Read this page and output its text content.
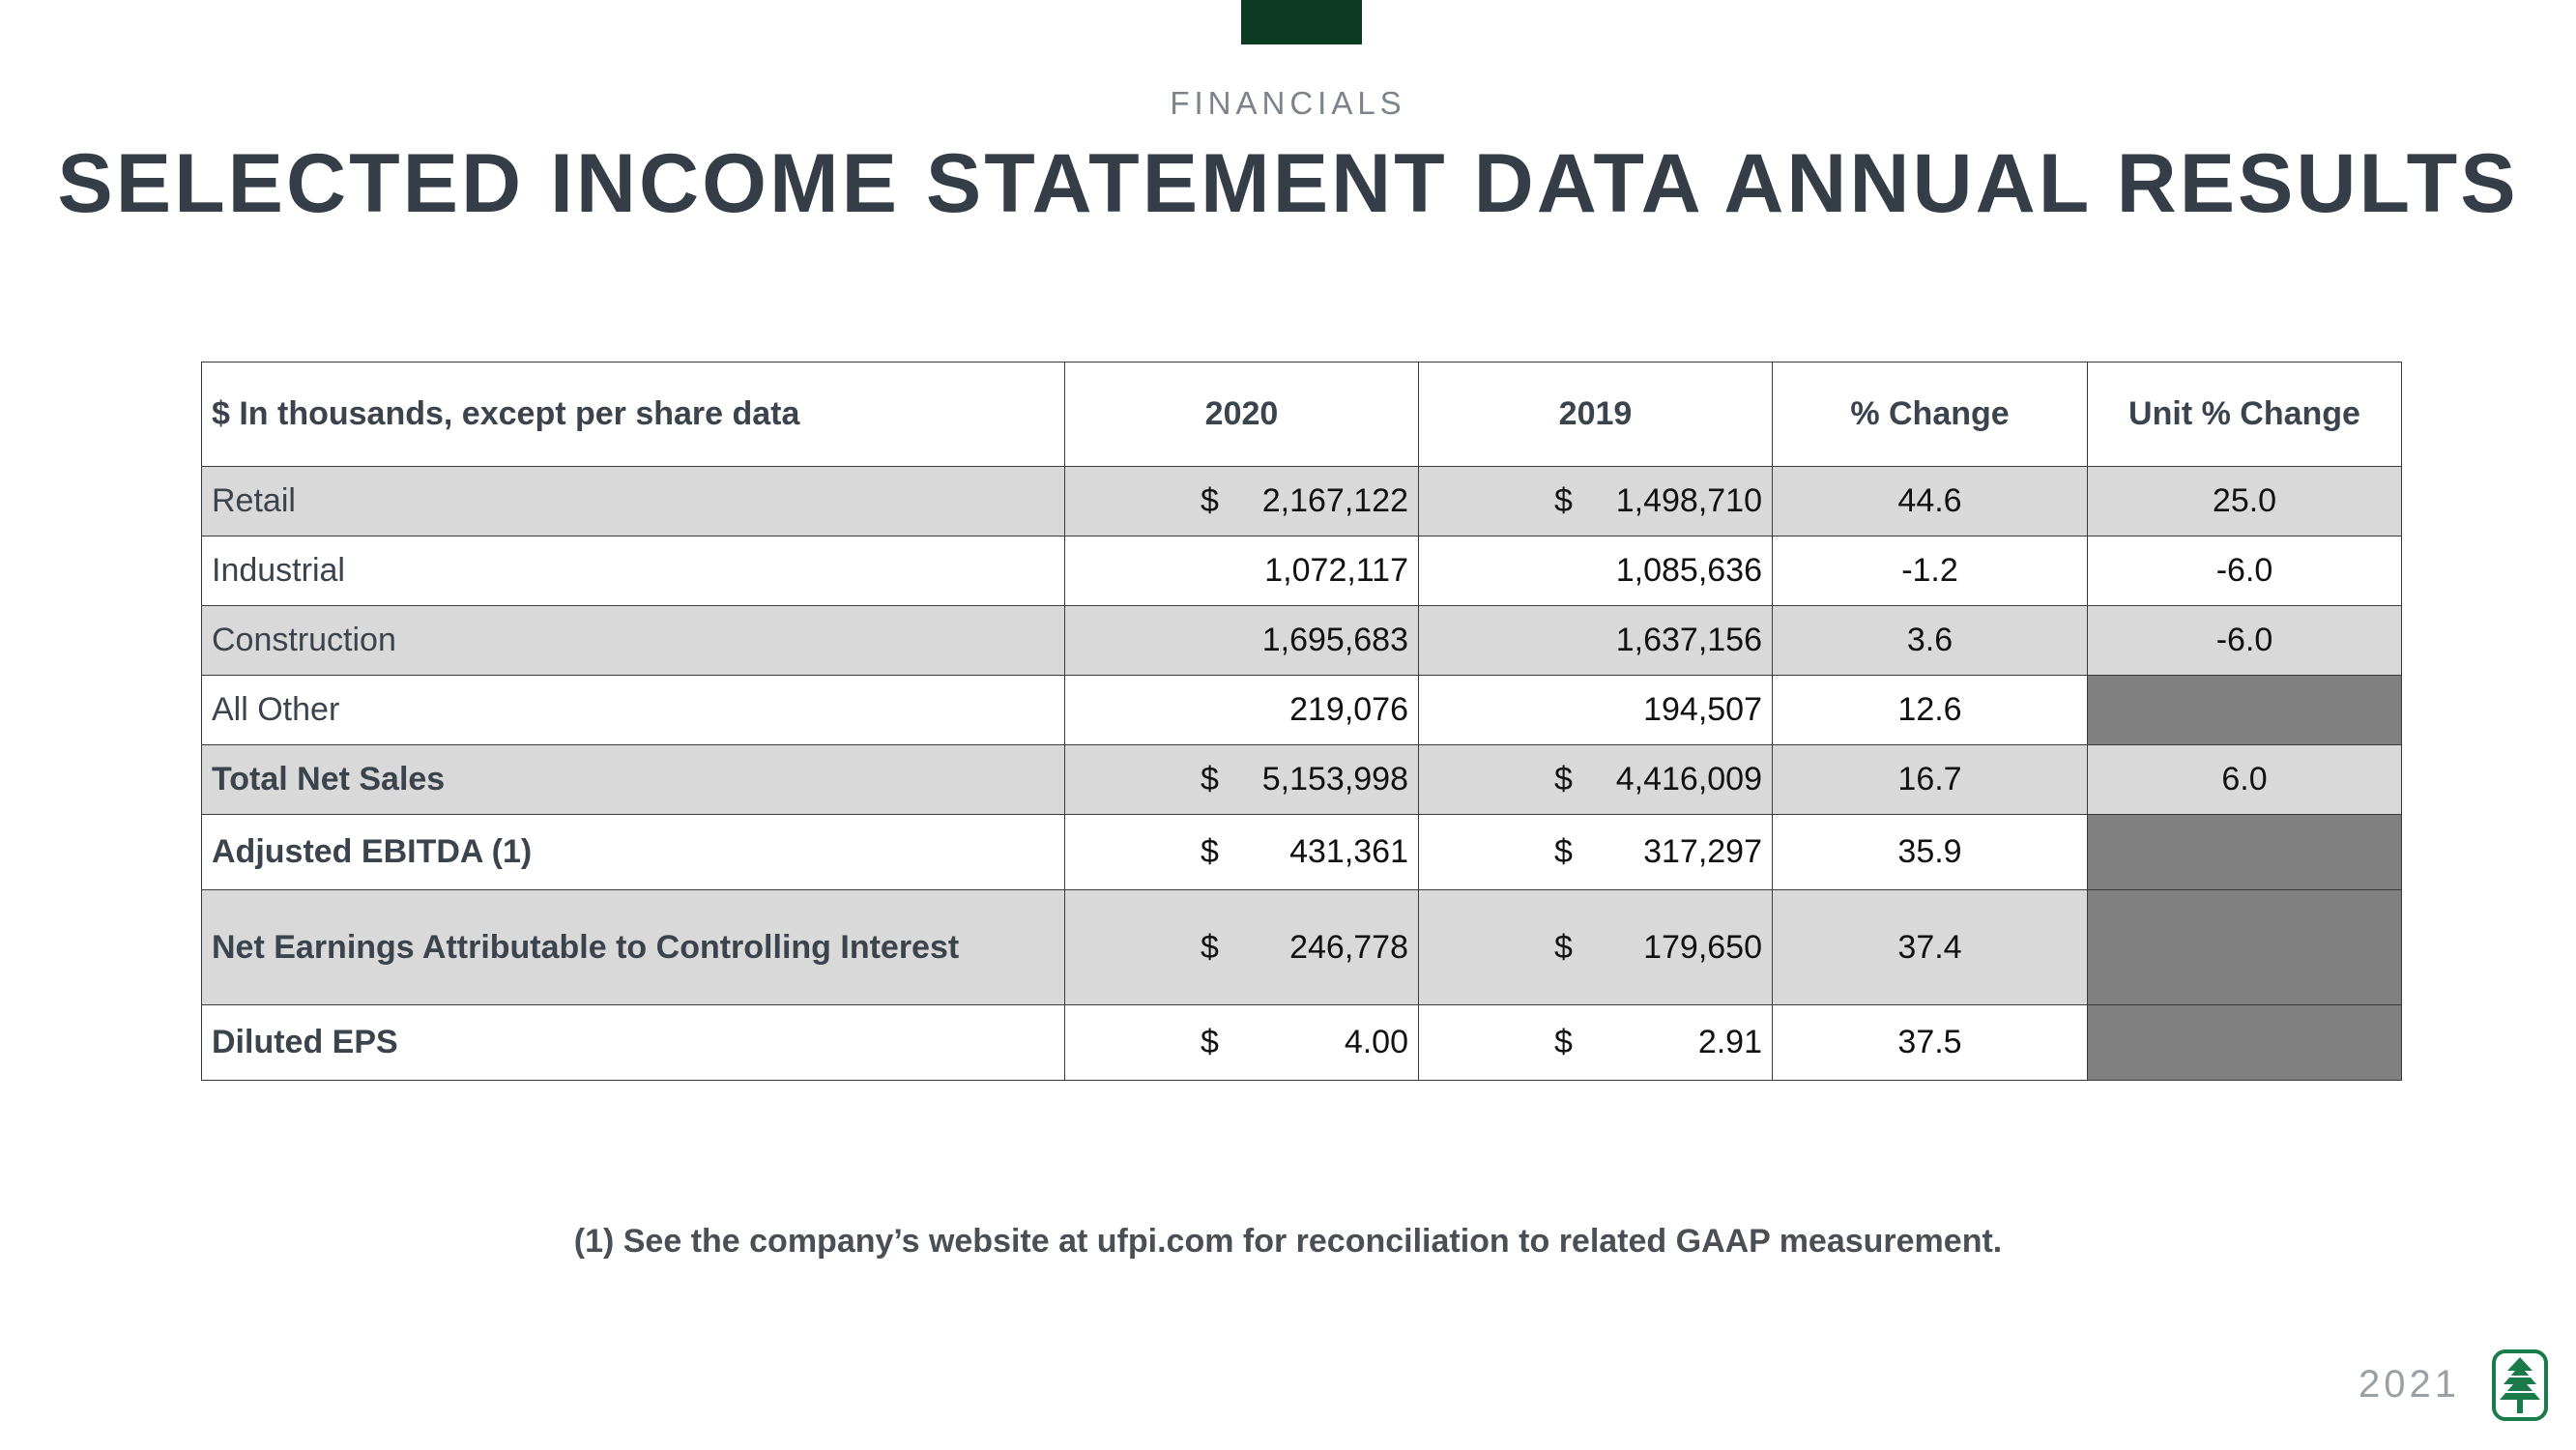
FINANCIALS
SELECTED INCOME STATEMENT DATA ANNUAL RESULTS
$ In thousands, except per share data	2020	2019	% Change	Unit % Change
Retail	$ 2,167,122	$ 1,498,710	44.6	25.0
Industrial	1,072,117	1,085,636	-1.2	-6.0
Construction	1,695,683	1,637,156	3.6	-6.0
All Other	219,076	194,507	12.6	
Total Net Sales	$ 5,153,998	$ 4,416,009	16.7	6.0
Adjusted EBITDA (1)	$ 431,361	$ 317,297	35.9	
Net Earnings Attributable to Controlling Interest	$ 246,778	$ 179,650	37.4	
Diluted EPS	$ 4.00	$ 2.91	37.5	
(1) See the company’s website at ufpi.com for reconciliation to related GAAP measurement.
2021
